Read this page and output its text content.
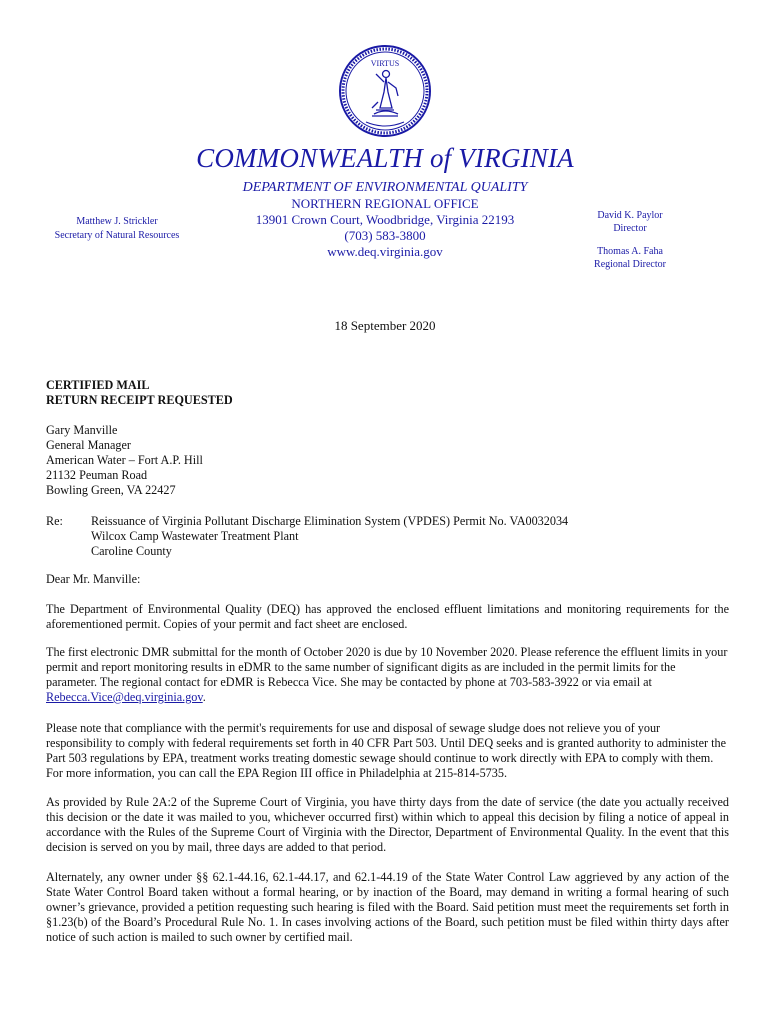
VIRTUS
COMMONWEALTH of VIRGINIA
DEPARTMENT OF ENVIRONMENTAL QUALITY
NORTHERN REGIONAL OFFICE
13901 Crown Court, Woodbridge, Virginia 22193
(703) 583-3800
www.deq.virginia.gov
Matthew J. Strickler
Secretary of Natural Resources
David K. Paylor
Director
Thomas A. Faha
Regional Director
18 September 2020
CERTIFIED MAIL
RETURN RECEIPT REQUESTED
Gary Manville
General Manager
American Water – Fort A.P. Hill
21132 Peuman Road
Bowling Green, VA 22427
Re: Reissuance of Virginia Pollutant Discharge Elimination System (VPDES) Permit No. VA0032034
Wilcox Camp Wastewater Treatment Plant
Caroline County
Dear Mr. Manville:

The Department of Environmental Quality (DEQ) has approved the enclosed effluent limitations and monitoring requirements for the aforementioned permit. Copies of your permit and fact sheet are enclosed.

The first electronic DMR submittal for the month of October 2020 is due by 10 November 2020. Please reference the effluent limits in your permit and report monitoring results in eDMR to the same number of significant digits as are included in the permit limits for the parameter. The regional contact for eDMR is Rebecca Vice. She may be contacted by phone at 703-583-3922 or via email at Rebecca.Vice@deq.virginia.gov.

Please note that compliance with the permit's requirements for use and disposal of sewage sludge does not relieve you of your responsibility to comply with federal requirements set forth in 40 CFR Part 503. Until DEQ seeks and is granted authority to administer the Part 503 regulations by EPA, treatment works treating domestic sewage should continue to work directly with EPA to comply with them. For more information, you can call the EPA Region III office in Philadelphia at 215-814-5735.

As provided by Rule 2A:2 of the Supreme Court of Virginia, you have thirty days from the date of service (the date you actually received this decision or the date it was mailed to you, whichever occurred first) within which to appeal this decision by filing a notice of appeal in accordance with the Rules of the Supreme Court of Virginia with the Director, Department of Environmental Quality. In the event that this decision is served on you by mail, three days are added to that period.

Alternately, any owner under §§ 62.1-44.16, 62.1-44.17, and 62.1-44.19 of the State Water Control Law aggrieved by any action of the State Water Control Board taken without a formal hearing, or by inaction of the Board, may demand in writing a formal hearing of such owner’s grievance, provided a petition requesting such hearing is filed with the Board. Said petition must meet the requirements set forth in §1.23(b) of the Board’s Procedural Rule No. 1. In cases involving actions of the Board, such petition must be filed within thirty days after notice of such action is mailed to such owner by certified mail.
